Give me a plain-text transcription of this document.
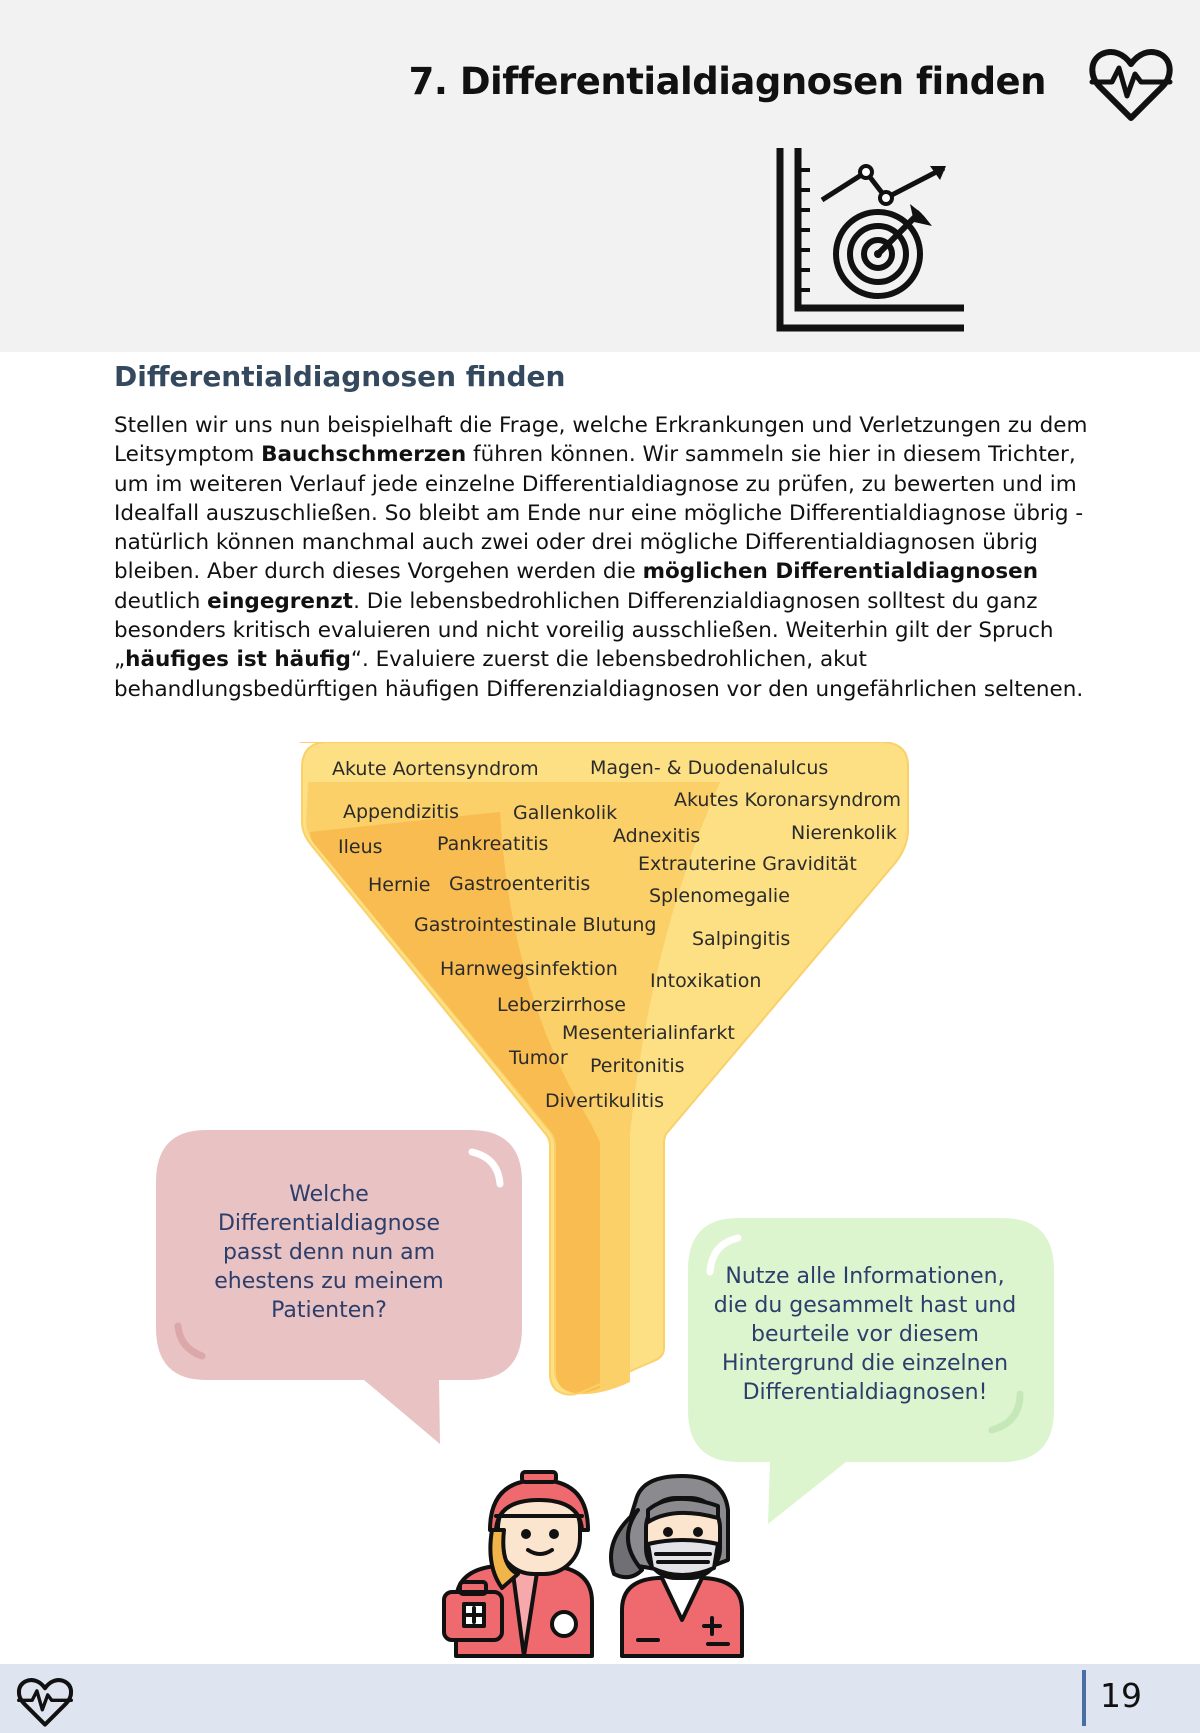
7. Differentialdiagnosen finden
Differentialdiagnosen finden

Stellen wir uns nun beispielhaft die Frage, welche Erkrankungen und Verletzungen zu dem Leitsymptom Bauchschmerzen führen können. Wir sammeln sie hier in diesem Trichter, um im weiteren Verlauf jede einzelne Differentialdiagnose zu prüfen, zu bewerten und im Idealfall auszuschließen. So bleibt am Ende nur eine mögliche Differentialdiagnose übrig - natürlich können manchmal auch zwei oder drei mögliche Differentialdiagnosen übrig bleiben. Aber durch dieses Vorgehen werden die möglichen Differentialdiagnosen deutlich eingegrenzt. Die lebensbedrohlichen Differenzialdiagnosen solltest du ganz besonders kritisch evaluieren und nicht voreilig ausschließen. Weiterhin gilt der Spruch „häufiges ist häufig“. Evaluiere zuerst die lebensbedrohlichen, akut behandlungsbedürftigen häufigen Differenzialdiagnosen vor den ungefährlichen seltenen.

Akute Aortensyndrom	Magen- & Duodenalulcus
Akutes Koronarsyndrom
Appendizitis	Gallenkolik
Adnexitis	Nierenkolik
Ileus	Pankreatitis
Extrauterine Gravidität
Hernie Gastroenteritis
Splenomegalie
Gastrointestinale Blutung
Salpingitis
Harnwegsinfektion
Intoxikation
Leberzirrhose
Mesenterialinfarkt
Tumor Peritonitis
Divertikulitis
Welche Differentialdiagnose passt denn nun am ehestens zu meinem Patienten?
Nutze alle Informationen, die du gesammelt hast und beurteile vor diesem Hintergrund die einzelnen Differentialdiagnosen!
19
